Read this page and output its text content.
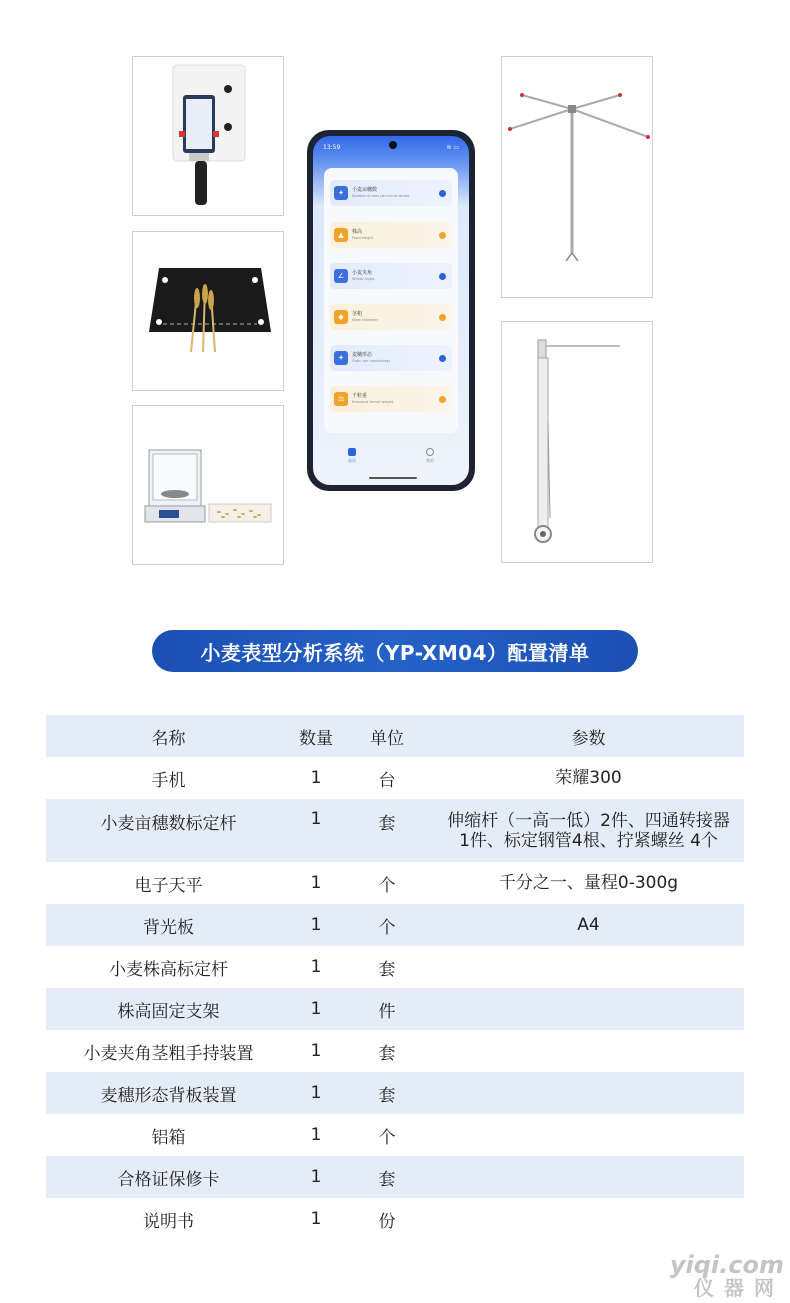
13:59	≋ ▭
✦	小麦亩穗数
Number of ears per mu of wheat
▲	株高
Plant height
∠	小麦夹角
Wheat Angle
◆	茎粗
Stem diameter
✦	麦穗形态
Grain ear morphology
⚖	千粒重
thousand kernel weight
首页	我的
小麦表型分析系统（YP-XM04）配置清单
名称	数量	单位	参数
手机	1	台	荣耀300
小麦亩穗数标定杆	1	套	伸缩杆（一高一低）2件、四通转接器
1件、标定钢管4根、拧紧螺丝 4个

电子天平	1	个	千分之一、量程0-300g
背光板	1	个	A4
小麦株高标定杆	1	套	
株高固定支架	1	件	
小麦夹角茎粗手持装置	1	套	
麦穗形态背板装置	1	套	
铝箱	1	个	
合格证保修卡	1	套	
说明书	1	份	
yiqi.com
仪器网
